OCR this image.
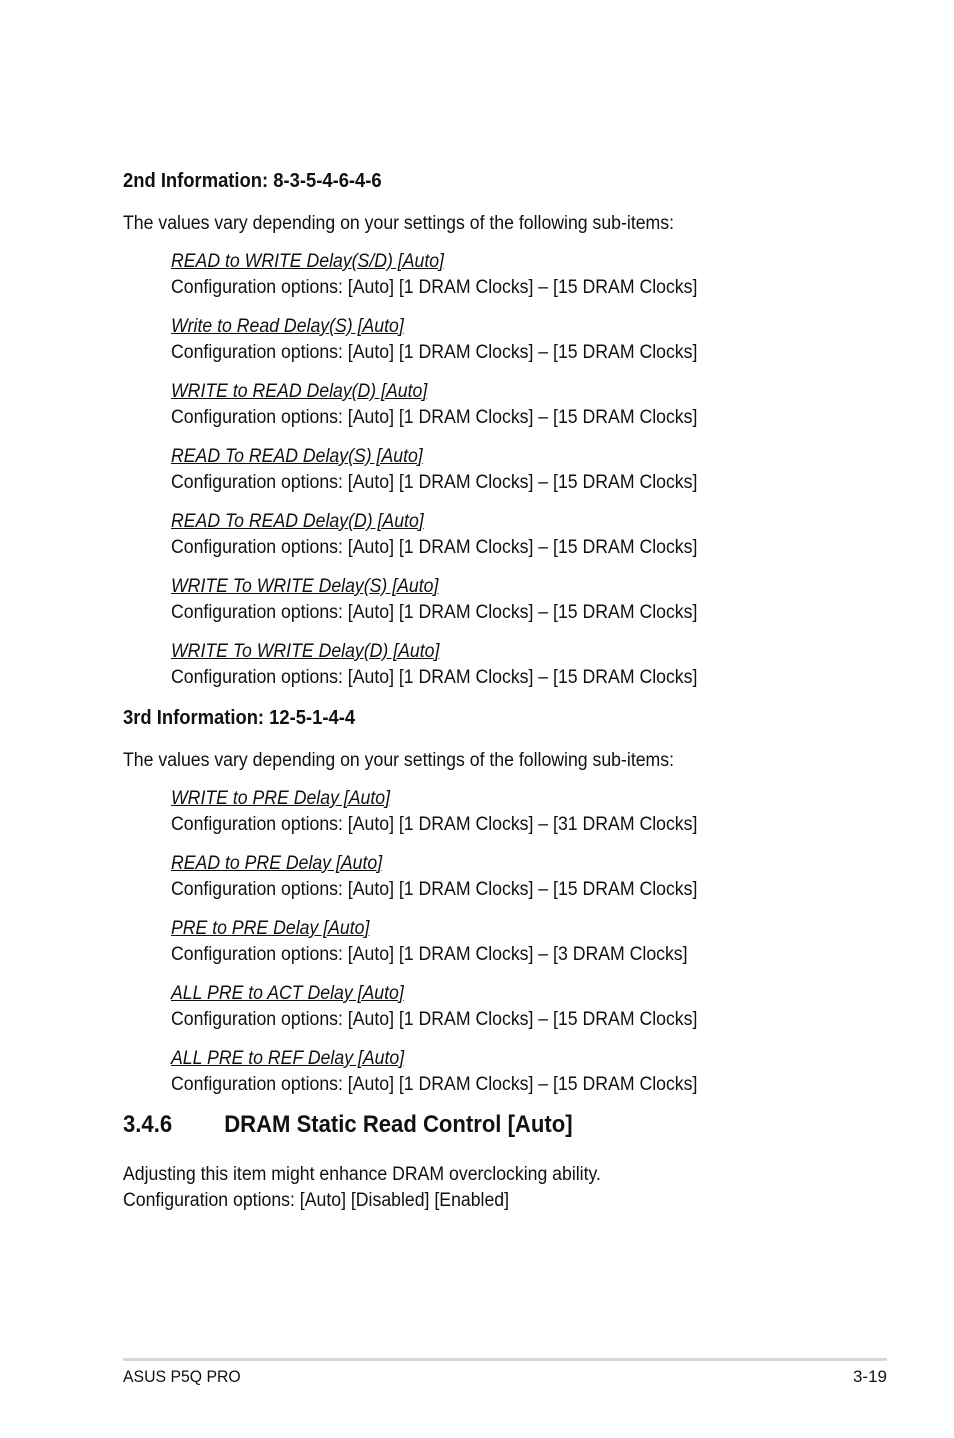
2nd Information: 8-3-5-4-6-4-6

The values vary depending on your settings of the following sub-items:

READ to WRITE Delay(S/D) [Auto]
Configuration options: [Auto] [1 DRAM Clocks] – [15 DRAM Clocks]
Write to Read Delay(S) [Auto]
Configuration options: [Auto] [1 DRAM Clocks] – [15 DRAM Clocks]
WRITE to READ Delay(D) [Auto]
Configuration options: [Auto] [1 DRAM Clocks] – [15 DRAM Clocks]
READ To READ Delay(S) [Auto]
Configuration options: [Auto] [1 DRAM Clocks] – [15 DRAM Clocks]
READ To READ Delay(D) [Auto]
Configuration options: [Auto] [1 DRAM Clocks] – [15 DRAM Clocks]
WRITE To WRITE Delay(S) [Auto]
Configuration options: [Auto] [1 DRAM Clocks] – [15 DRAM Clocks]
WRITE To WRITE Delay(D) [Auto]
Configuration options: [Auto] [1 DRAM Clocks] – [15 DRAM Clocks]
3rd Information: 12-5-1-4-4

The values vary depending on your settings of the following sub-items:

WRITE to PRE Delay [Auto]
Configuration options: [Auto] [1 DRAM Clocks] – [31 DRAM Clocks]
READ to PRE Delay [Auto]
Configuration options: [Auto] [1 DRAM Clocks] – [15 DRAM Clocks]
PRE to PRE Delay [Auto]
Configuration options: [Auto] [1 DRAM Clocks] – [3 DRAM Clocks]
ALL PRE to ACT Delay [Auto]
Configuration options: [Auto] [1 DRAM Clocks] – [15 DRAM Clocks]
ALL PRE to REF Delay [Auto]
Configuration options: [Auto] [1 DRAM Clocks] – [15 DRAM Clocks]
3.4.6 DRAM Static Read Control [Auto]

Adjusting this item might enhance DRAM overclocking ability.
Configuration options: [Auto] [Disabled] [Enabled]

ASUS P5Q PRO	3-19
